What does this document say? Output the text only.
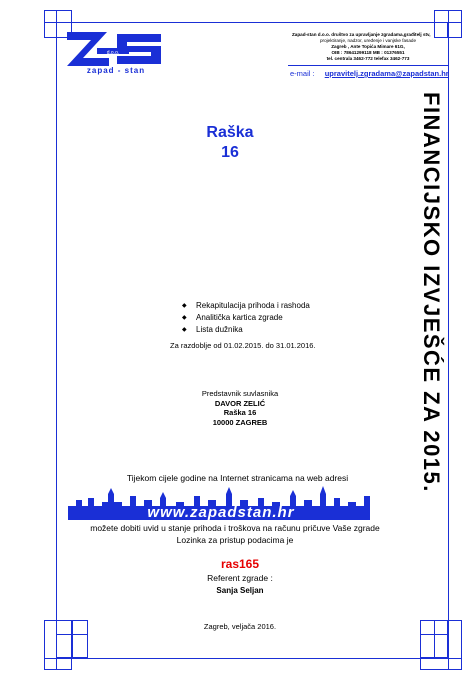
d.o.o.
zapad - stan
Zapad-stan d.o.o. društvo za upravljanje zgradama,građitelj stv,
projektiranje, nadzor, uređenje i vanjske fasade
Zagreb , Ante Topića Mimare 61G,
OIB : 78641299118 MB : 01376551
tel. centrala 3462-772 telefax 3462-773
e-mail : upravitelj.zgradama@zapadstan.hr
Raška
16	FINANCIJSKO IZVJEŠĆE ZA 2015.
◆ Rekapitulacija prihoda i rashoda
◆ Analitička kartica zgrade
◆ Lista dužnika
Za razdoblje od 01.02.2015. do 31.01.2016.
Predstavnik suvlasnika
DAVOR ZELIĆ
Raška 16
10000 ZAGREB
Tijekom cijele godine na Internet stranicama na web adresi
www.zapadstan.hr
možete dobiti uvid u stanje prihoda i troškova na računu pričuve Vaše zgrade
Lozinka za pristup podacima je
ras165
Referent zgrade :
Sanja Seljan
Zagreb, veljača 2016.
